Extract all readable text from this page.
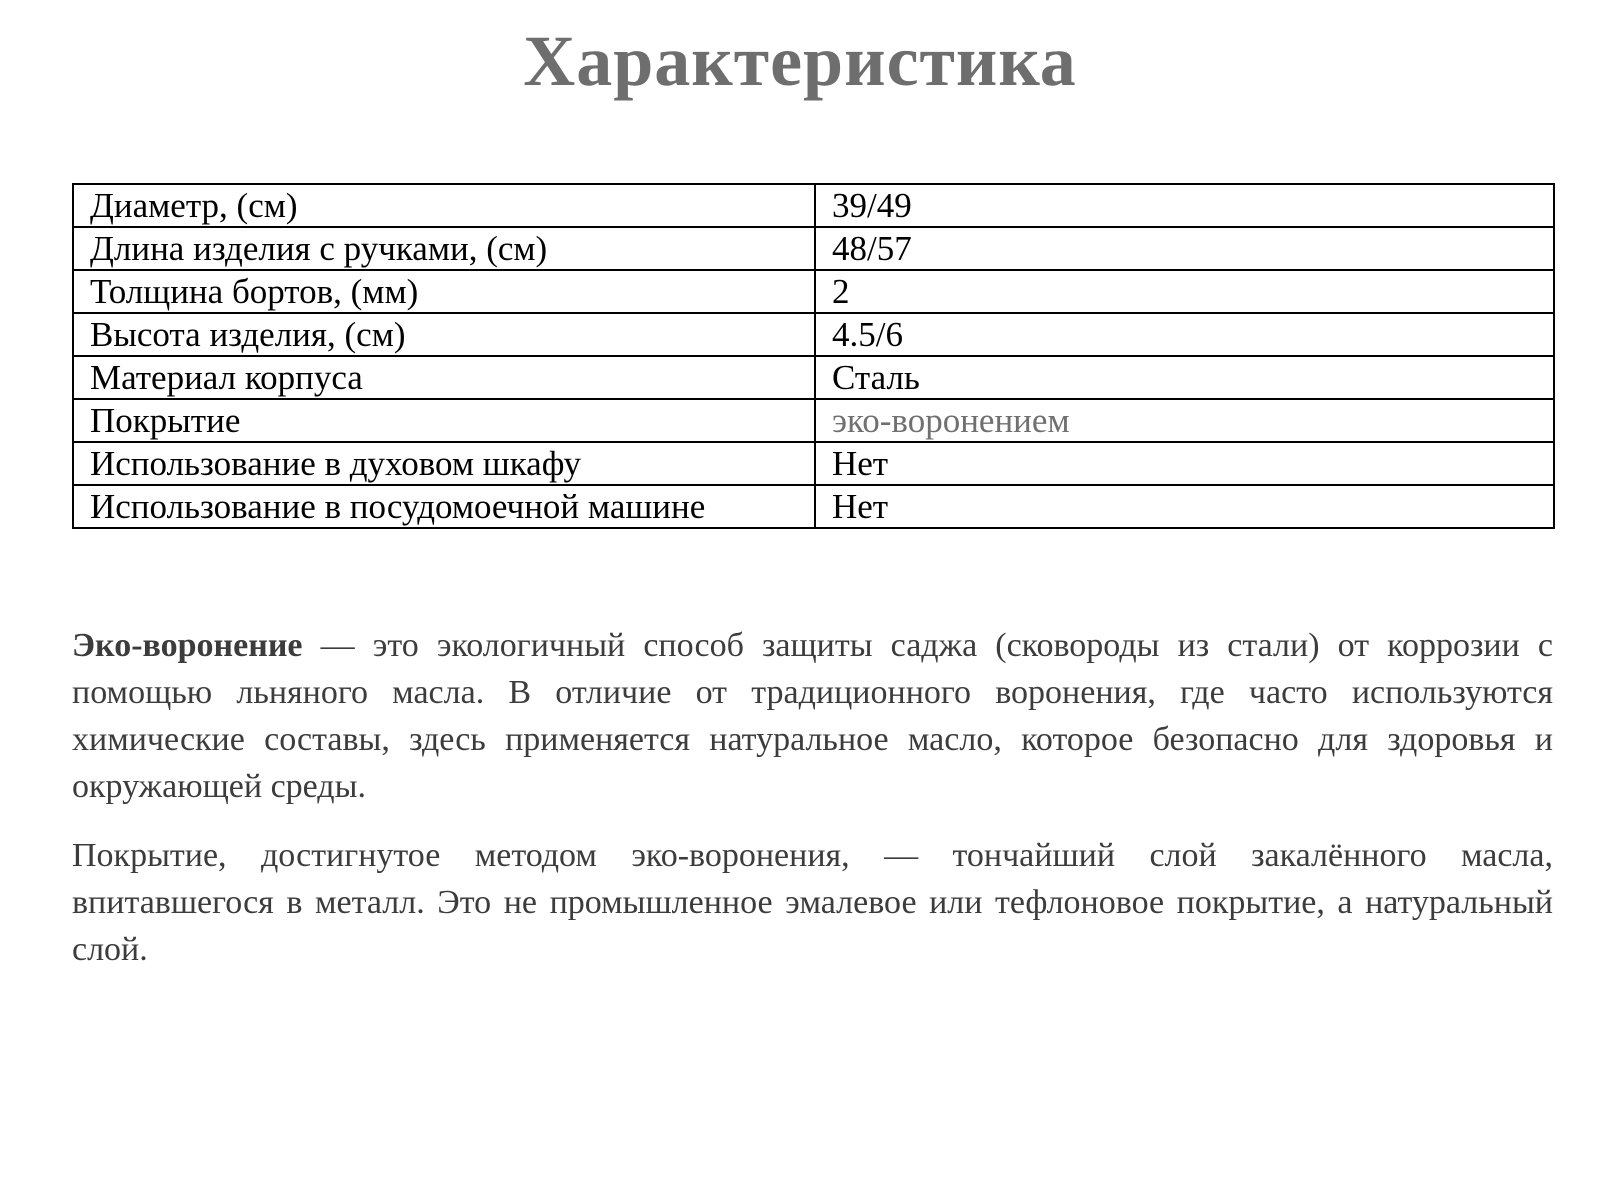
Характеристика
Диаметр, (см)	39/49
Длина изделия с ручками, (см)	48/57
Толщина бортов, (мм)	2
Высота изделия, (см)	4.5/6
Материал корпуса	Сталь
Покрытие	эко-воронением
Использование в духовом шкафу	Нет
Использование в посудомоечной машине	Нет

Эко-воронение — это экологичный способ защиты саджа (сковороды из стали) от коррозии с помощью льняного масла. В отличие от традиционного воронения, где часто используются химические составы, здесь применяется натуральное масло, которое безопасно для здоровья и окружающей среды.

Покрытие, достигнутое методом эко-воронения, — тончайший слой закалённого масла, впитавшегося в металл. Это не промышленное эмалевое или тефлоновое покрытие, а натуральный слой.
